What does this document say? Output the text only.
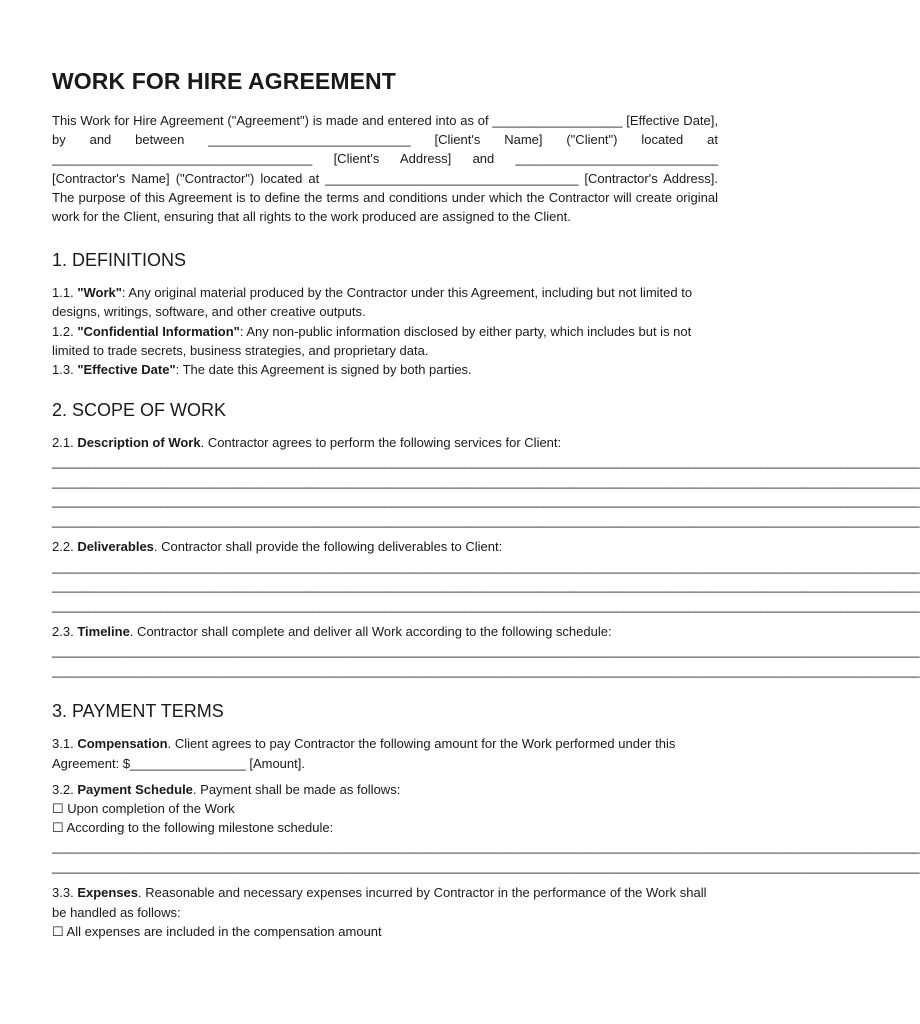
WORK FOR HIRE AGREEMENT

This Work for Hire Agreement ("Agreement") is made and entered into as of __________________ [Effective Date], by and between ____________________________ [Client's Name] ("Client") located at ____________________________________ [Client's Address] and ____________________________ [Contractor's Name] ("Contractor") located at ___________________________________ [Contractor's Address]. The purpose of this Agreement is to define the terms and conditions under which the Contractor will create original work for the Client, ensuring that all rights to the work produced are assigned to the Client.

1. DEFINITIONS

1.1. "Work": Any original material produced by the Contractor under this Agreement, including but not limited to designs, writings, software, and other creative outputs.

1.2. "Confidential Information": Any non-public information disclosed by either party, which includes but is not limited to trade secrets, business strategies, and proprietary data.

1.3. "Effective Date": The date this Agreement is signed by both parties.

2. SCOPE OF WORK

2.1. Description of Work. Contractor agrees to perform the following services for Client:

________________________________________________________________________________________________________________________
________________________________________________________________________________________________________________________
________________________________________________________________________________________________________________________
________________________________________________________________________________________________________________________

2.2. Deliverables. Contractor shall provide the following deliverables to Client:

________________________________________________________________________________________________________________________
________________________________________________________________________________________________________________________
________________________________________________________________________________________________________________________

2.3. Timeline. Contractor shall complete and deliver all Work according to the following schedule:

________________________________________________________________________________________________________________________
________________________________________________________________________________________________________________________
3. PAYMENT TERMS

3.1. Compensation. Client agrees to pay Contractor the following amount for the Work performed under this Agreement: $________________ [Amount].

3.2. Payment Schedule. Payment shall be made as follows:

☐ Upon completion of the Work

☐ According to the following milestone schedule:

________________________________________________________________________________________________________________________
________________________________________________________________________________________________________________________

3.3. Expenses. Reasonable and necessary expenses incurred by Contractor in the performance of the Work shall be handled as follows:

☐ All expenses are included in the compensation amount
